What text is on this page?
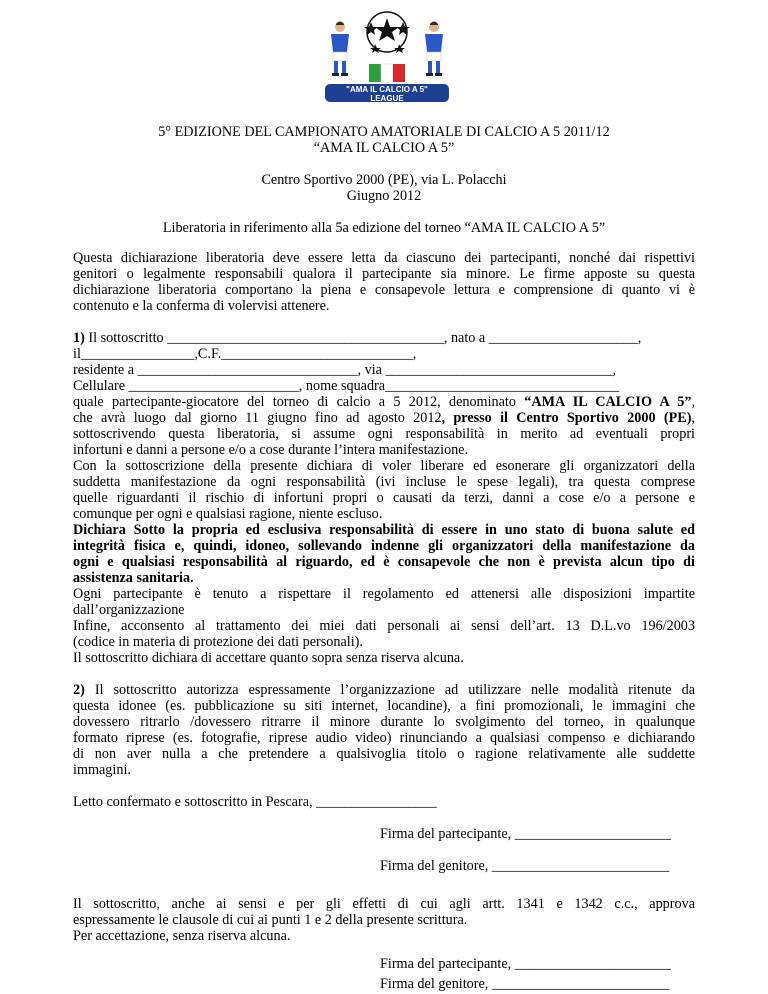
"AMA IL CALCIO A 5"
LEAGUE
5° EDIZIONE DEL CAMPIONATO AMATORIALE DI CALCIO A 5 2011/12
“AMA IL CALCIO A 5”
Centro Sportivo 2000 (PE), via L. Polacchi
Giugno 2012
Liberatoria in riferimento alla 5a edizione del torneo “AMA IL CALCIO A 5”
Questa dichiarazione liberatoria deve essere letta da ciascuno dei partecipanti, nonché dai rispettivi
genitori o legalmente responsabili qualora il partecipante sia minore. Le firme apposte su questa
dichiarazione liberatoria comportano la piena e consapevole lettura e comprensione di quanto vi è
contenuto e la conferma di volervisi attenere.
1) Il sottoscritto _______________________________________, nato a _____________________,
il________________,C.F.___________________________,
residente a _______________________________, via ________________________________,
Cellulare ________________________, nome squadra_________________________________
quale partecipante-giocatore del torneo di calcio a 5 2012, denominato “AMA IL CALCIO A 5”,
che avrà luogo dal giorno 11 giugno fino ad agosto 2012, presso il Centro Sportivo 2000 (PE),
sottoscrivendo questa liberatoria, si assume ogni responsabilità in merito ad eventuali propri
infortuni e danni a persone e/o a cose durante l’intera manifestazione.
Con la sottoscrizione della presente dichiara di voler liberare ed esonerare gli organizzatori della
suddetta manifestazione da ogni responsabilità (ivi incluse le spese legali), tra questa comprese
quelle riguardanti il rischio di infortuni propri o causati da terzi, danni a cose e/o a persone e
comunque per ogni e qualsiasi ragione, niente escluso.
Dichiara Sotto la propria ed esclusiva responsabilità di essere in uno stato di buona salute ed
integrità fisica e, quindi, idoneo, sollevando indenne gli organizzatori della manifestazione da
ogni e qualsiasi responsabilità al riguardo, ed è consapevole che non è prevista alcun tipo di
assistenza sanitaria.
Ogni partecipante è tenuto a rispettare il regolamento ed attenersi alle disposizioni impartite
dall’organizzazione
Infine, acconsento al trattamento dei miei dati personali ai sensi dell’art. 13 D.L.vo 196/2003
(codice in materia di protezione dei dati personali).
Il sottoscritto dichiara di accettare quanto sopra senza riserva alcuna.
2) Il sottoscritto autorizza espressamente l’organizzazione ad utilizzare nelle modalità ritenute da
questa idonee (es. pubblicazione su siti internet, locandine), a fini promozionali, le immagini che
dovessero ritrarlo /dovessero ritrarre il minore durante lo svolgimento del torneo, in qualunque
formato riprese (es. fotografie, riprese audio video) rinunciando a qualsiasi compenso e dichiarando
di non aver nulla a che pretendere a qualsivoglia titolo o ragione relativamente alle suddette
immagini.
Letto confermato e sottoscritto in Pescara, _________________
Firma del partecipante, ______________________
Firma del genitore, _________________________
Il sottoscritto, anche ai sensi e per gli effetti di cui agli artt. 1341 e 1342 c.c., approva
espressamente le clausole di cui ai punti 1 e 2 della presente scrittura.
Per accettazione, senza riserva alcuna.
Firma del partecipante, ______________________
Firma del genitore, _________________________
